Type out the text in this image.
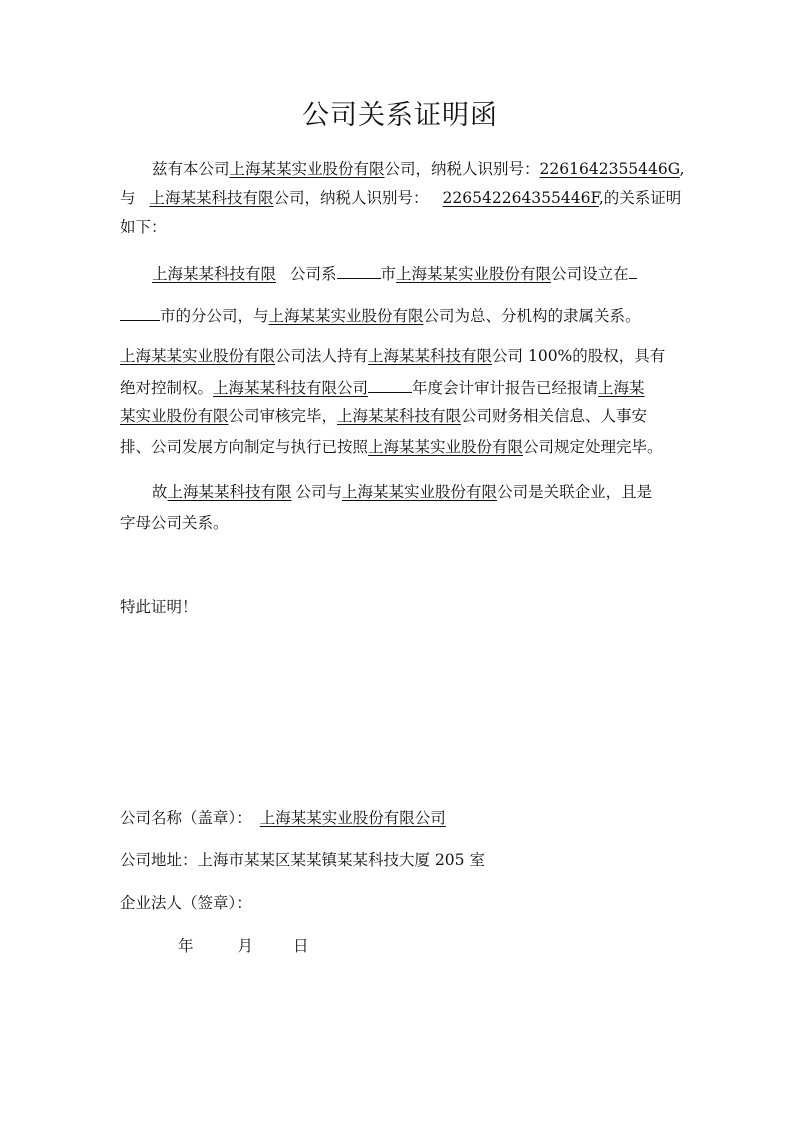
公司关系证明函
兹有本公司上海某某实业股份有限公司，纳税人识别号：2261642355446G,
与 上海某某科技有限公司，纳税人识别号： 226542264355446F,的关系证明
如下：
上海某某科技有限 公司系	市上海某某实业股份有限公司设立在
市的分公司，与上海某某实业股份有限公司为总、分机构的隶属关系。
上海某某实业股份有限公司法人持有上海某某科技有限公司 100%的股权，具有
绝对控制权。上海某某科技有限公司	年度会计审计报告已经报请上海某
某实业股份有限公司审核完毕，上海某某科技有限公司财务相关信息、人事安
排、公司发展方向制定与执行已按照上海某某实业股份有限公司规定处理完毕。
故上海某某科技有限 公司与上海某某实业股份有限公司是关联企业，且是
字母公司关系。
特此证明！
公司名称（盖章）： 上海某某实业股份有限公司
公司地址：上海市某某区某某镇某某科技大厦 205 室
企业法人（签章）：
年	月	日
